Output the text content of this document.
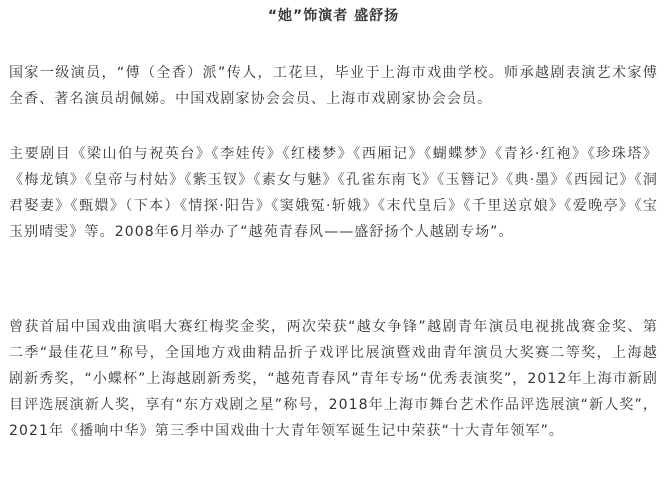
“她”饰演者 盛舒扬

国家一级演员，“傅（全香）派”传人，工花旦，毕业于上海市戏曲学校。师承越剧表演艺术家傅全香、著名演员胡佩娣。中国戏剧家协会会员、上海市戏剧家协会会员。

主要剧目《梁山伯与祝英台》《李娃传》《红楼梦》《西厢记》《蝴蝶梦》《青衫·红袍》《珍珠塔》《梅龙镇》《皇帝与村姑》《紫玉钗》《素女与魅》《孔雀东南飞》《玉簪记》《典·墨》《西园记》《洞君娶妻》《甄嬛》（下本）《情探·阳告》《窦娥冤·斩娥》《末代皇后》《千里送京娘》《爱晚亭》《宝玉别晴雯》等。2008年6月举办了“越苑青春风——盛舒扬个人越剧专场”。

曾获首届中国戏曲演唱大赛红梅奖金奖，两次荣获“越女争锋”越剧青年演员电视挑战赛金奖、第二季“最佳花旦”称号，全国地方戏曲精品折子戏评比展演暨戏曲青年演员大奖赛二等奖，上海越剧新秀奖，“小蝶杯”上海越剧新秀奖，“越苑青春风”青年专场“优秀表演奖”，2012年上海市新剧目评选展演新人奖，享有“东方戏剧之星”称号，2018年上海市舞台艺术作品评选展演“新人奖”，2021年《播响中华》第三季中国戏曲十大青年领军诞生记中荣获“十大青年领军”。
